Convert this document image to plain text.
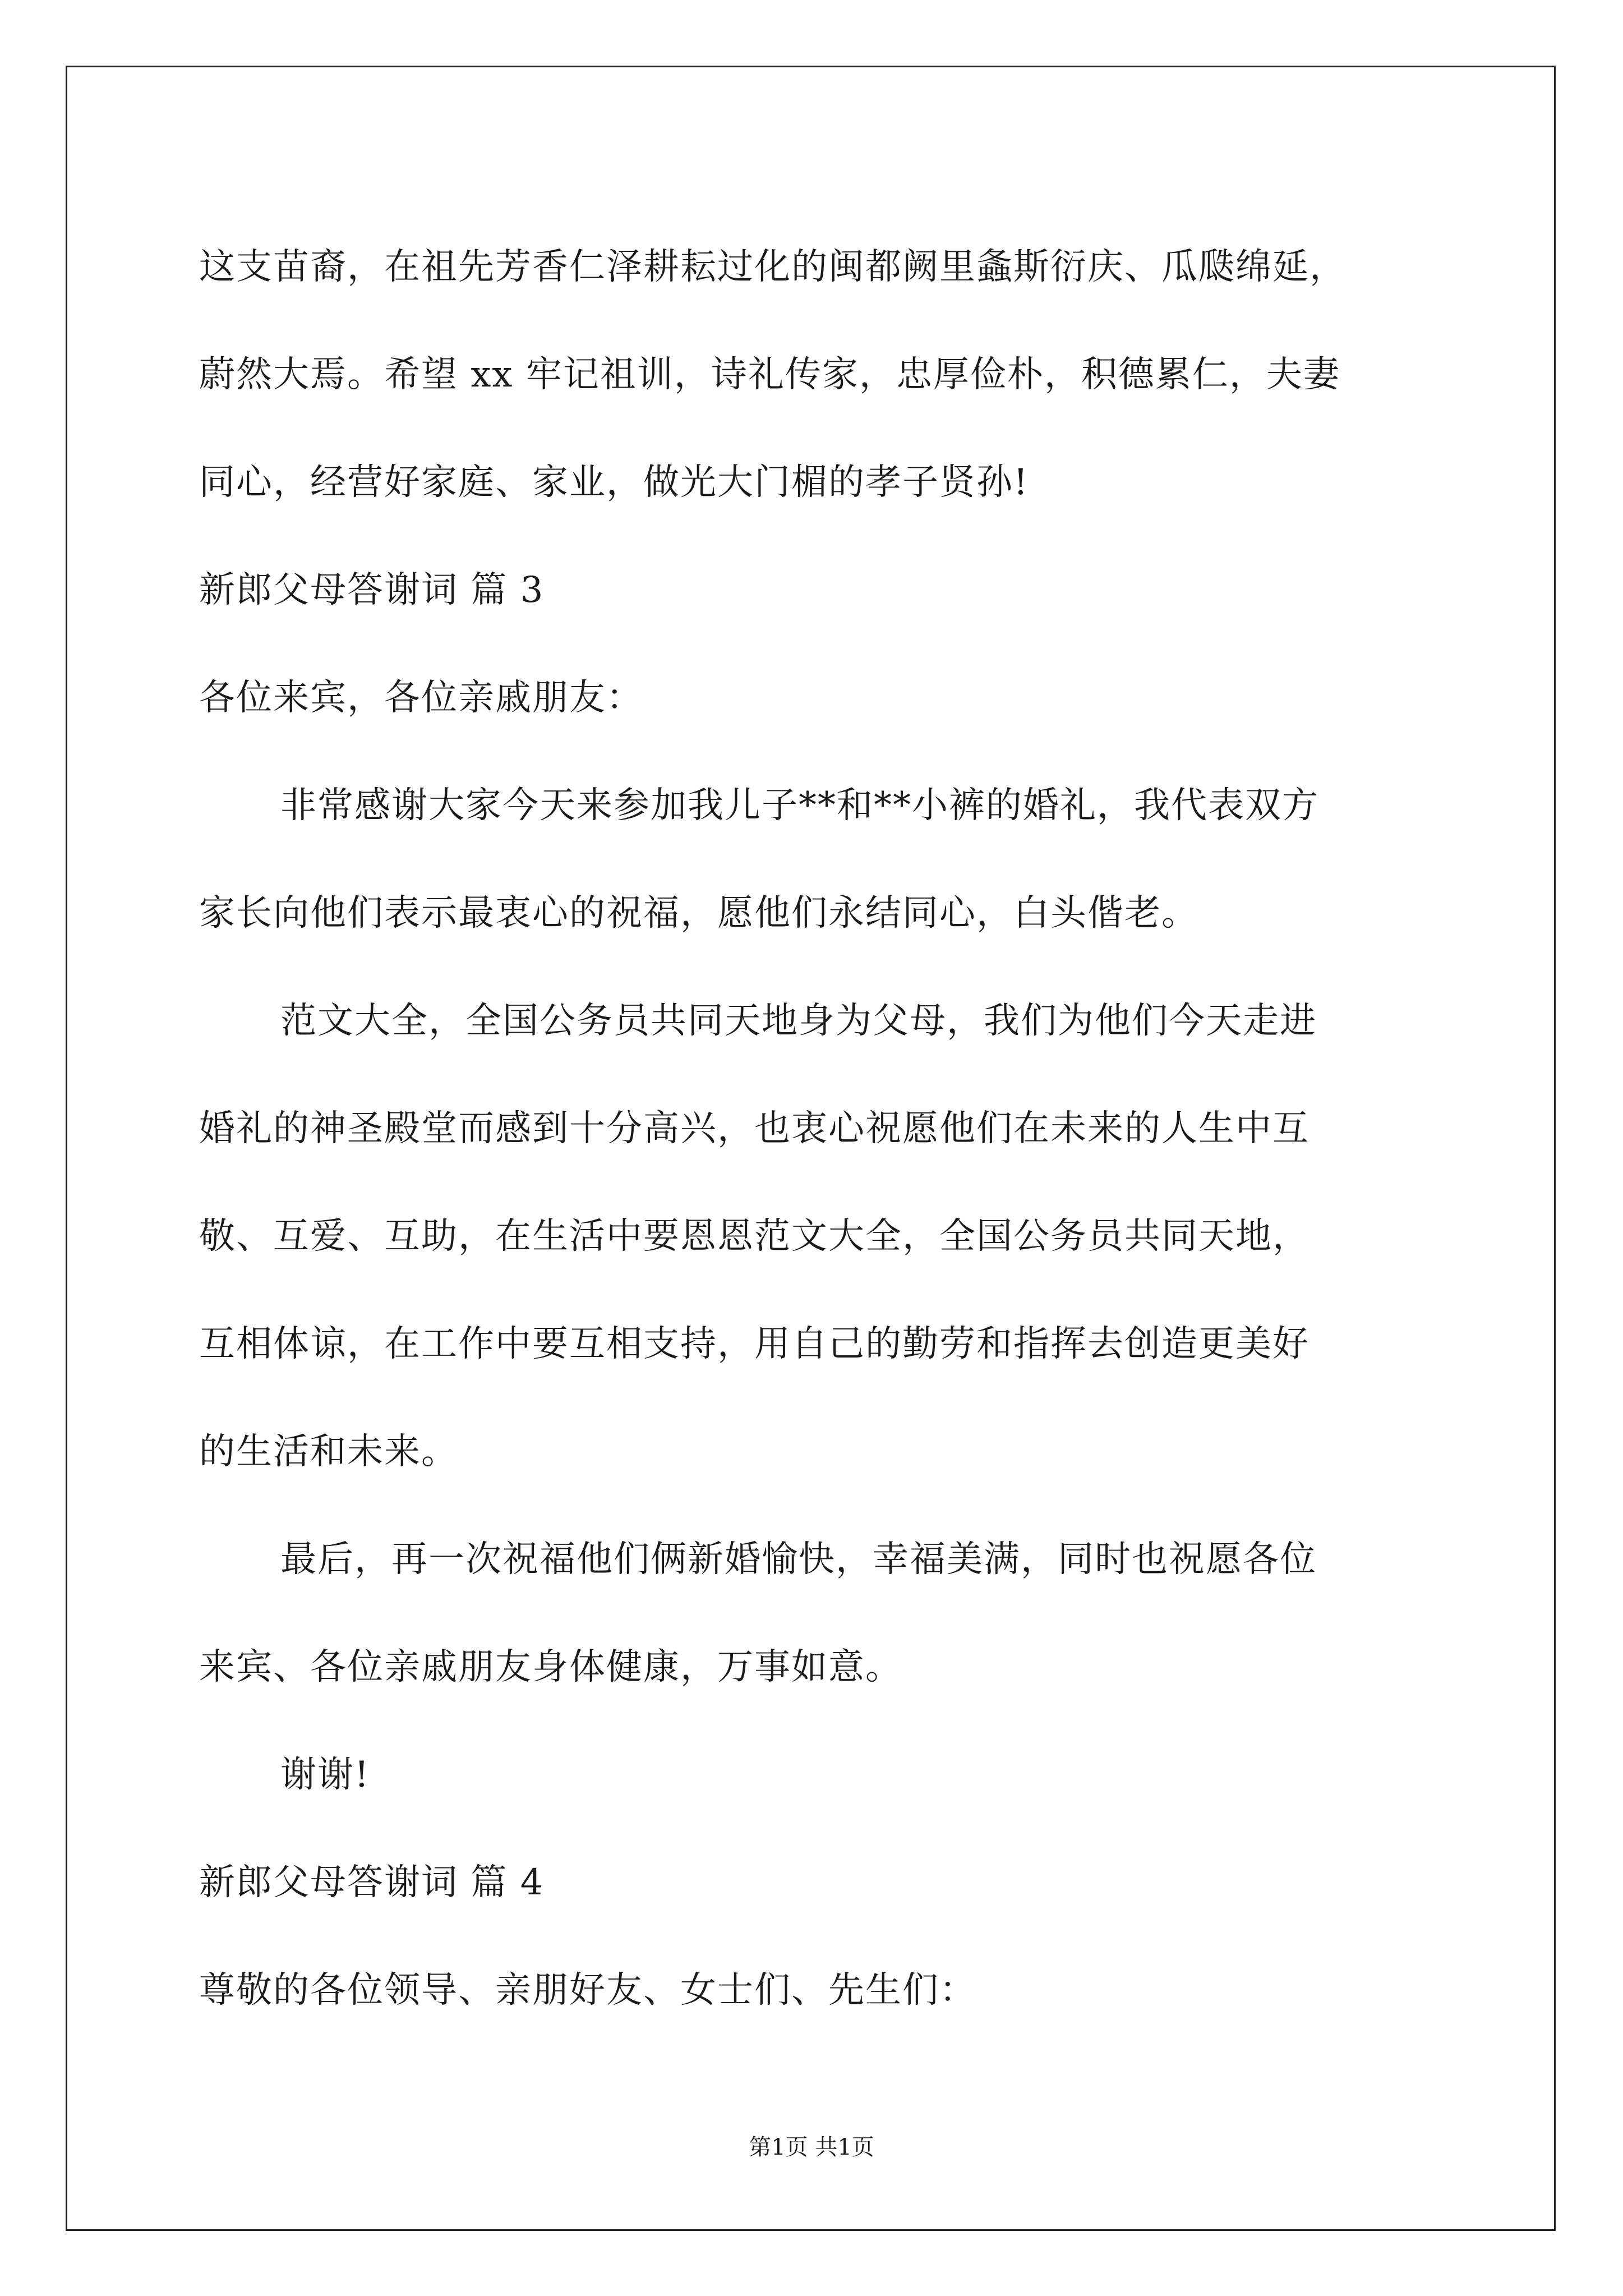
这支苗裔，在祖先芳香仁泽耕耘过化的闽都阙里螽斯衍庆、瓜瓞绵延，
蔚然大焉。希望 xx 牢记祖训，诗礼传家，忠厚俭朴，积德累仁，夫妻
同心，经营好家庭、家业，做光大门楣的孝子贤孙!
新郎父母答谢词 篇 3
各位来宾，各位亲戚朋友：
非常感谢大家今天来参加我儿子**和**小裤的婚礼，我代表双方
家长向他们表示最衷心的祝福，愿他们永结同心，白头偕老。
范文大全，全国公务员共同天地身为父母，我们为他们今天走进
婚礼的神圣殿堂而感到十分高兴，也衷心祝愿他们在未来的人生中互
敬、互爱、互助，在生活中要恩恩范文大全，全国公务员共同天地，
互相体谅，在工作中要互相支持，用自己的勤劳和指挥去创造更美好
的生活和未来。
最后，再一次祝福他们俩新婚愉快，幸福美满，同时也祝愿各位
来宾、各位亲戚朋友身体健康，万事如意。
谢谢!
新郎父母答谢词 篇 4
尊敬的各位领导、亲朋好友、女士们、先生们：
第1页 共1页
